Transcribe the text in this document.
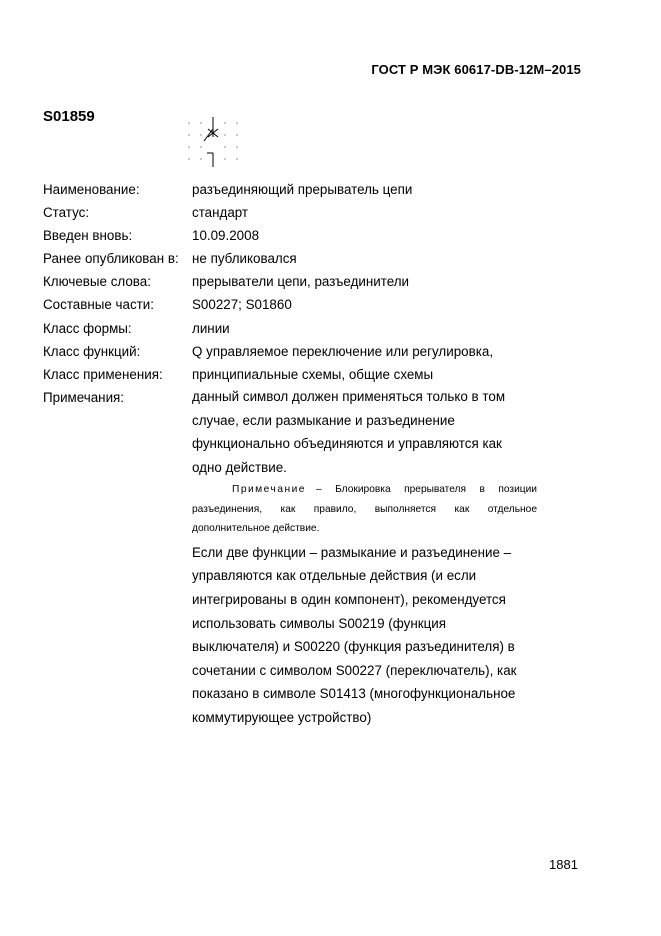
ГОСТ Р МЭК 60617-DB-12M–2015
S01859
Наименование:	разъединяющий прерыватель цепи
Статус:	стандарт
Введен вновь:	10.09.2008
Ранее опубликован в: не публиковался
Ключевые слова:	прерыватели цепи, разъединители
Составные части:	S00227; S01860
Класс формы:	линии
Класс функций:	Q управляемое переключение или регулировка,
Класс применения: принципиальные схемы, общие схемы
Примечания:	данный символ должен применяться только в том

случае, если размыкание и разъединение

функционально объединяются и управляются как

одно действие.

Примечание – Блокировка прерывателя в позиции разъединения, как правило, выполняется как отдельное дополнительное действие.

Если две функции – размыкание и разъединение –

управляются как отдельные действия (и если

интегрированы в один компонент), рекомендуется

использовать символы S00219 (функция

выключателя) и S00220 (функция разъединителя) в

сочетании с символом S00227 (переключатель), как

показано в символе S01413 (многофункциональное

коммутирующее устройство)

1881
